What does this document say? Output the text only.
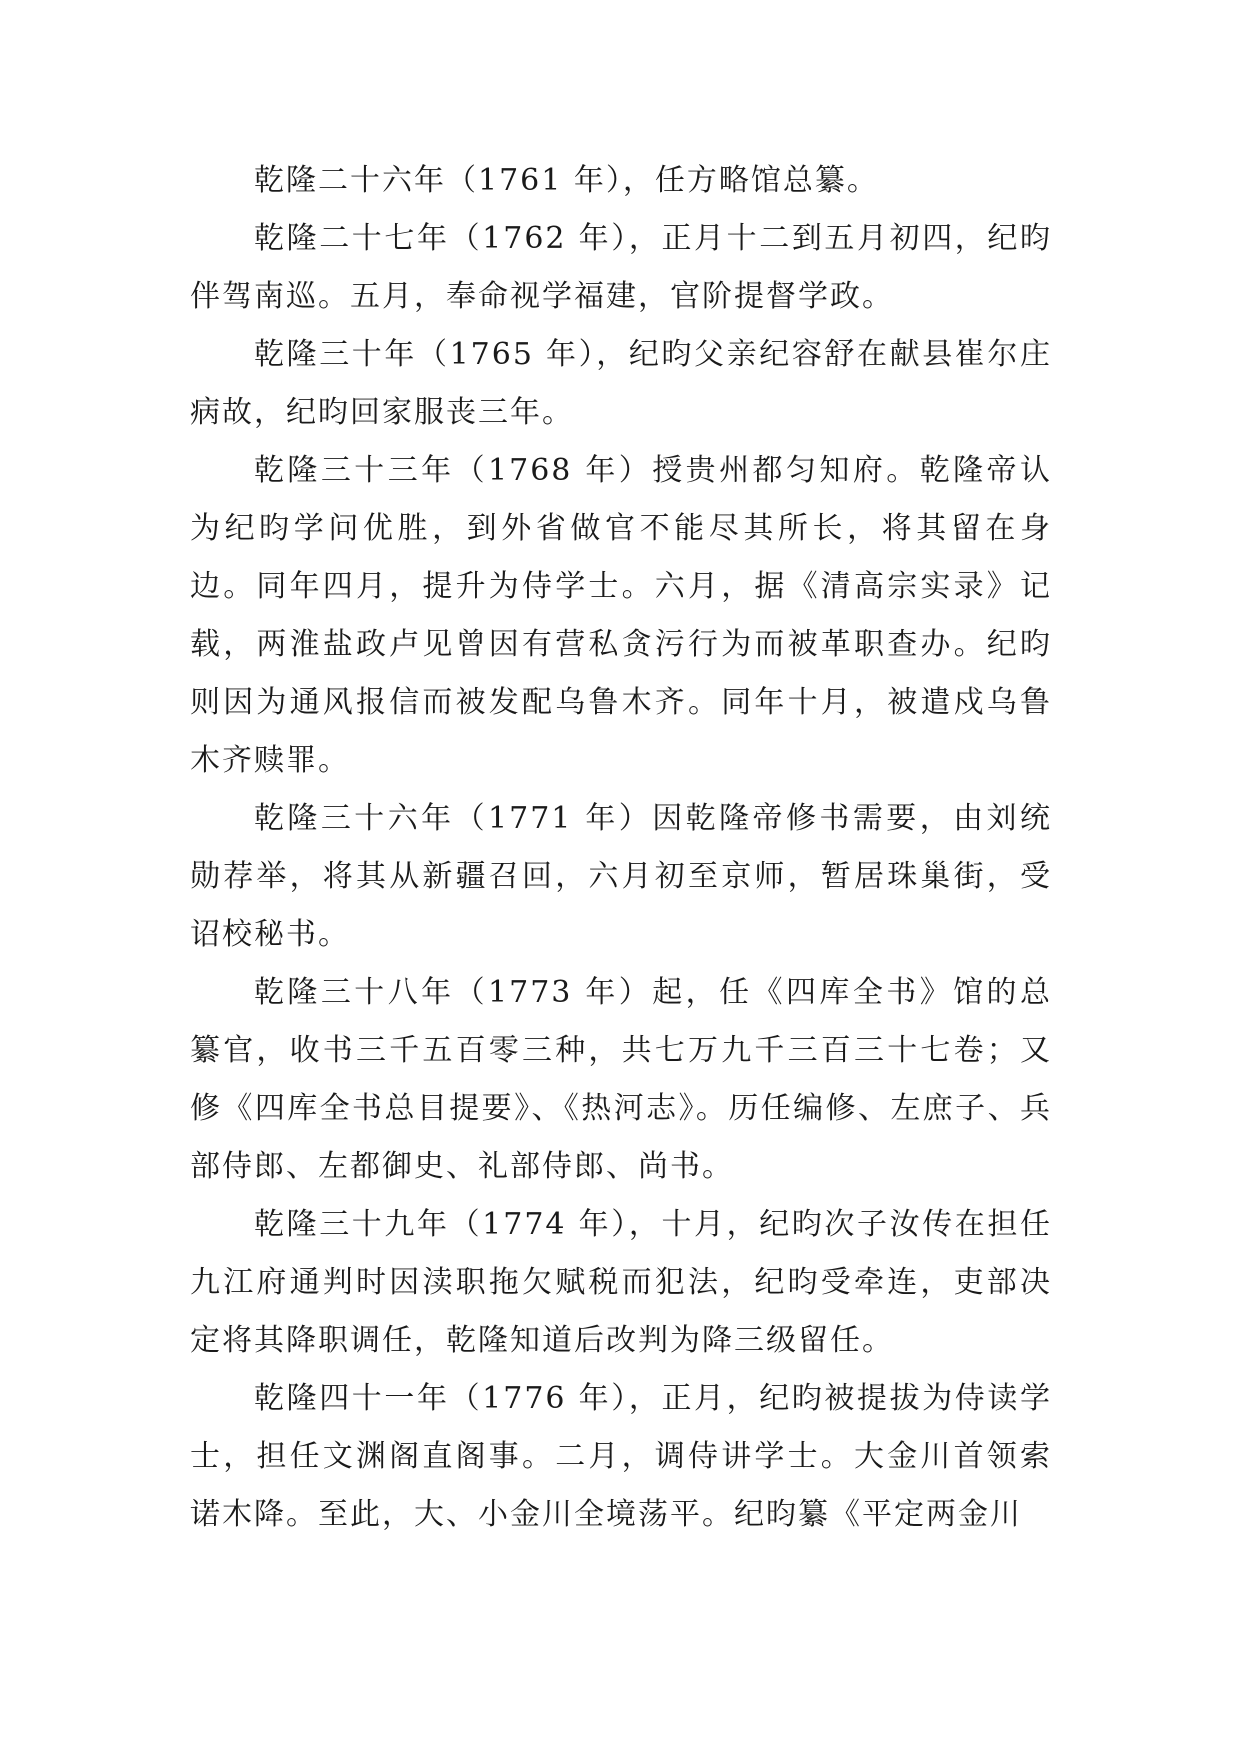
乾隆二十六年（1761 年），任方略馆总纂。

乾隆二十七年（1762 年），正月十二到五月初四，纪昀伴驾南巡。五月，奉命视学福建，官阶提督学政。

乾隆三十年（1765 年），纪昀父亲纪容舒在献县崔尔庄病故，纪昀回家服丧三年。

乾隆三十三年（1768 年）授贵州都匀知府。乾隆帝认为纪昀学问优胜，到外省做官不能尽其所长，将其留在身边。同年四月，提升为侍学士。六月，据《清高宗实录》记载，两淮盐政卢见曾因有营私贪污行为而被革职查办。纪昀则因为通风报信而被发配乌鲁木齐。同年十月，被遣戍乌鲁木齐赎罪。

乾隆三十六年（1771 年）因乾隆帝修书需要，由刘统勋荐举，将其从新疆召回，六月初至京师，暂居珠巢街，受诏校秘书。

乾隆三十八年（1773 年）起，任《四库全书》馆的总纂官，收书三千五百零三种，共七万九千三百三十七卷；又修《四库全书总目提要》、《热河志》。历任编修、左庶子、兵部侍郎、左都御史、礼部侍郎、尚书。

乾隆三十九年（1774 年），十月，纪昀次子汝传在担任九江府通判时因渎职拖欠赋税而犯法，纪昀受牵连，吏部决定将其降职调任，乾隆知道后改判为降三级留任。

乾隆四十一年（1776 年），正月，纪昀被提拔为侍读学士，担任文渊阁直阁事。二月，调侍讲学士。大金川首领索诺木降。至此，大、小金川全境荡平。纪昀纂《平定两金川
